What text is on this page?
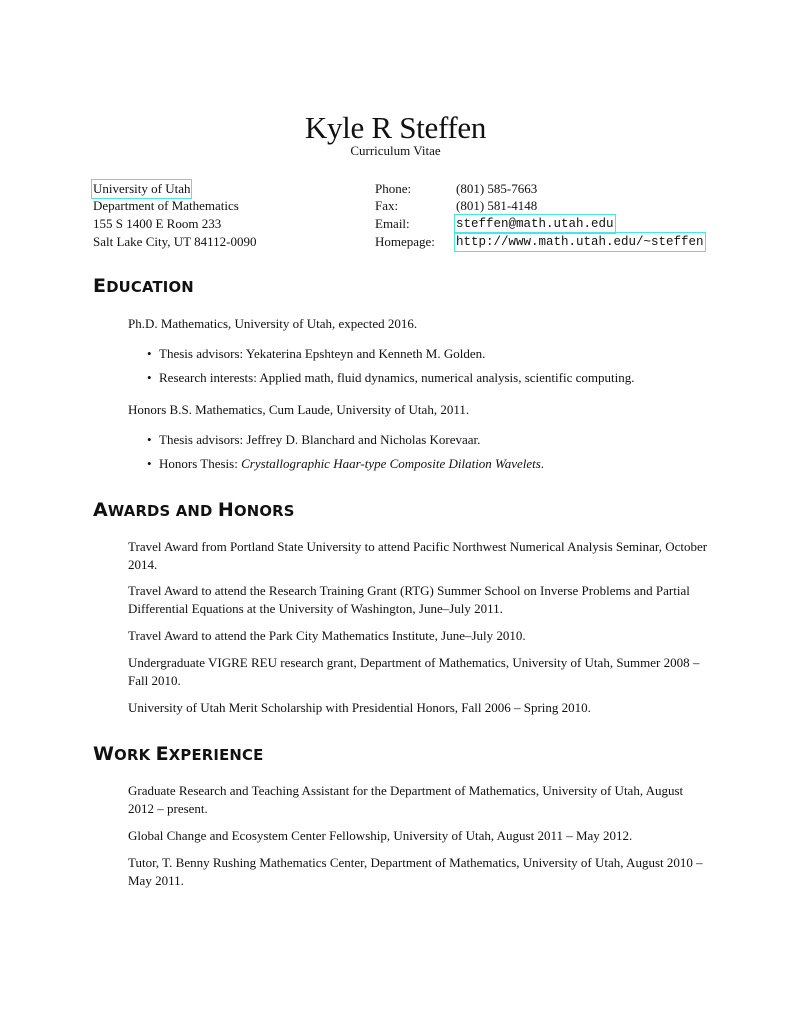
Kyle R Steffen
Curriculum Vitae
University of Utah
Department of Mathematics
155 S 1400 E Room 233
Salt Lake City, UT 84112-0090
Phone:	(801) 585-7663
Fax:	(801) 581-4148
Email:	steffen@math.utah.edu
Homepage: http://www.math.utah.edu/~steffen
EDUCATION
Ph.D. Mathematics, University of Utah, expected 2016.
• Thesis advisors: Yekaterina Epshteyn and Kenneth M. Golden.
• Research interests: Applied math, fluid dynamics, numerical analysis, scientific computing.
Honors B.S. Mathematics, Cum Laude, University of Utah, 2011.
• Thesis advisors: Jeffrey D. Blanchard and Nicholas Korevaar.
• Honors Thesis: Crystallographic Haar-type Composite Dilation Wavelets.
AWARDS AND HONORS
Travel Award from Portland State University to attend Pacific Northwest Numerical Analysis Seminar, October 2014.
Travel Award to attend the Research Training Grant (RTG) Summer School on Inverse Problems and Partial Differential Equations at the University of Washington, June–July 2011.
Travel Award to attend the Park City Mathematics Institute, June–July 2010.
Undergraduate VIGRE REU research grant, Department of Mathematics, University of Utah, Summer 2008 – Fall 2010.
University of Utah Merit Scholarship with Presidential Honors, Fall 2006 – Spring 2010.
WORK EXPERIENCE
Graduate Research and Teaching Assistant for the Department of Mathematics, University of Utah, August 2012 – present.
Global Change and Ecosystem Center Fellowship, University of Utah, August 2011 – May 2012.
Tutor, T. Benny Rushing Mathematics Center, Department of Mathematics, University of Utah, August 2010 – May 2011.
